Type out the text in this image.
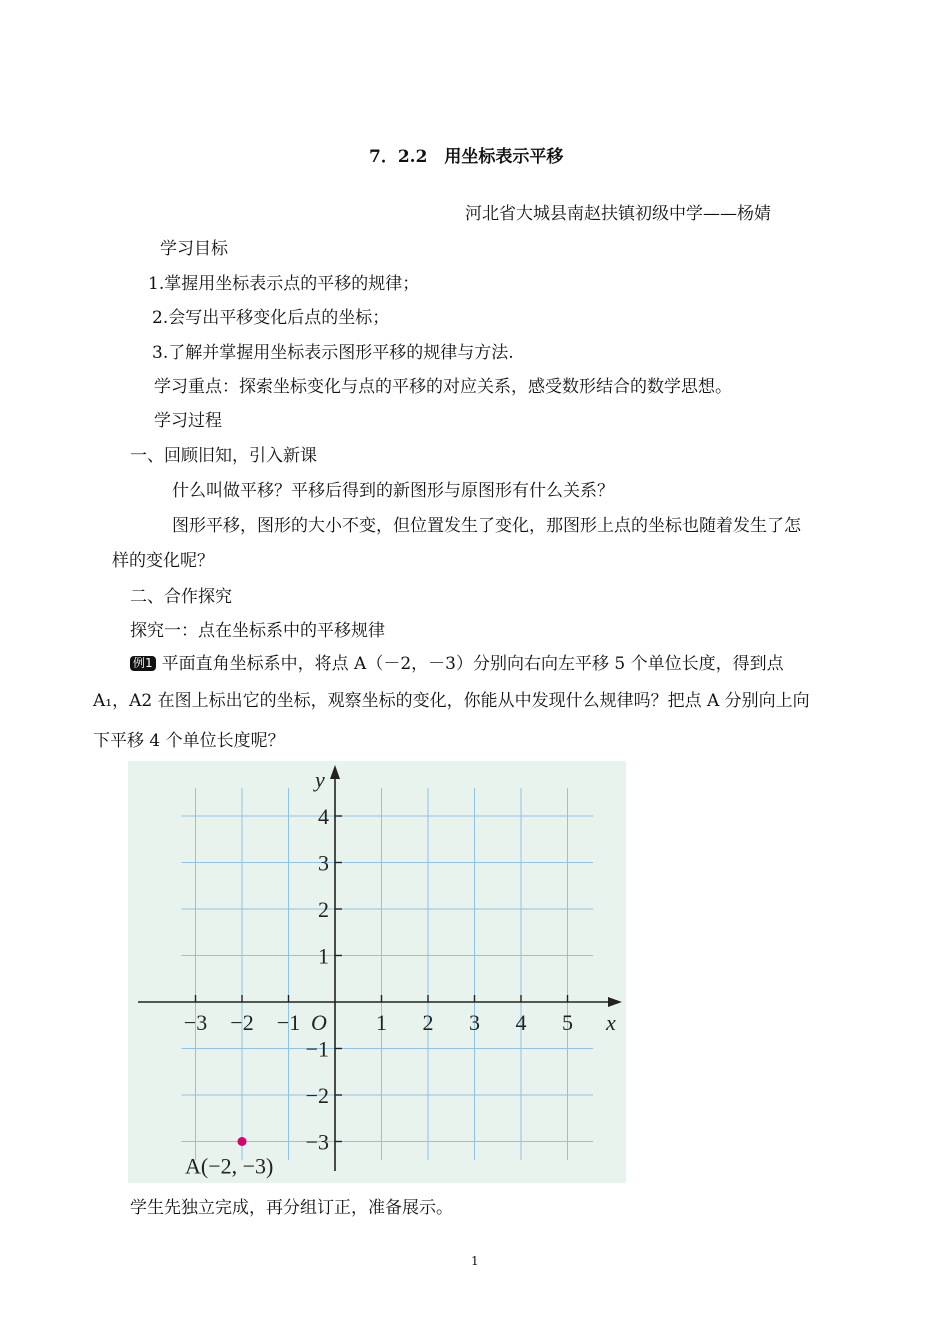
7．2.2　用坐标表示平移
河北省大城县南赵扶镇初级中学——杨婧
学习目标
1.掌握用坐标表示点的平移的规律；
2.会写出平移变化后点的坐标；
3.了解并掌握用坐标表示图形平移的规律与方法.
学习重点：探索坐标变化与点的平移的对应关系，感受数形结合的数学思想。
学习过程
一、回顾旧知，引入新课
什么叫做平移？平移后得到的新图形与原图形有什么关系？
图形平移，图形的大小不变，但位置发生了变化，那图形上点的坐标也随着发生了怎
样的变化呢？
二、合作探究
探究一：点在坐标系中的平移规律
例1 平面直角坐标系中，将点 A（－2，－3）分别向右向左平移 5 个单位长度，得到点
A₁，A2 在图上标出它的坐标，观察坐标的变化，你能从中发现什么规律吗？把点 A 分别向上向
下平移 4 个单位长度呢？
−3 −2 −1	1 2 3 4 5
−3
−2
−1
1
2
3
4
x
y
O
A(−2, −3)
学生先独立完成，再分组订正，准备展示。
1
